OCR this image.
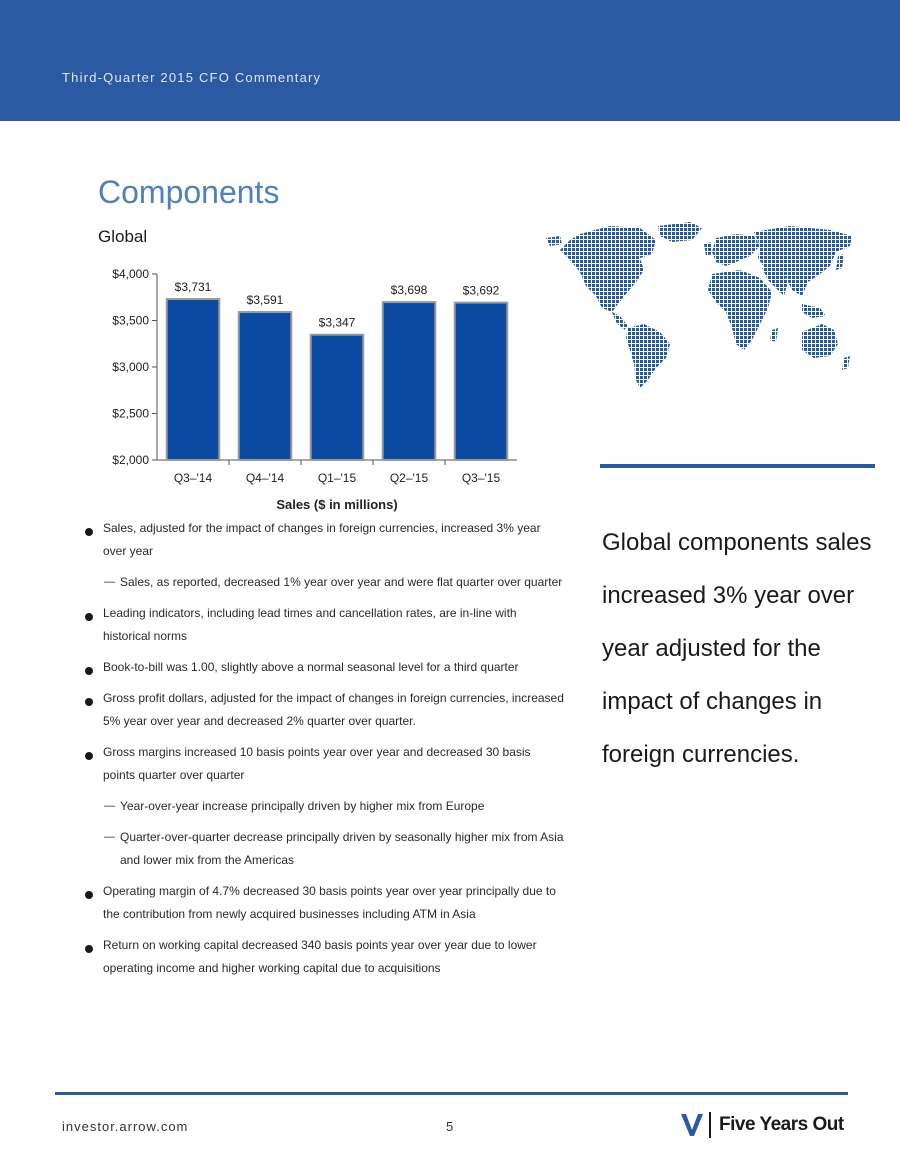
Third-Quarter 2015 CFO Commentary
Components
Global
$2,000
$2,500
$3,000
$3,500
$4,000
$3,731
Q3–'14
$3,591
Q4–'14
$3,347
Q1–'15
$3,698
Q2–'15
$3,692
Q3–'15
Sales ($ in millions)

Global components sales increased 3% year over year adjusted for the impact of changes in foreign currencies.

Sales, adjusted for the impact of changes in foreign currencies, increased 3% year over year
— Sales, as reported, decreased 1% year over year and were flat quarter over quarter
Leading indicators, including lead times and cancellation rates, are in-line with historical norms
Book-to-bill was 1.00, slightly above a normal seasonal level for a third quarter
Gross profit dollars, adjusted for the impact of changes in foreign currencies, increased 5% year over year and decreased 2% quarter over quarter.
Gross margins increased 10 basis points year over year and decreased 30 basis points quarter over quarter
— Year-over-year increase principally driven by higher mix from Europe
— Quarter-over-quarter decrease principally driven by seasonally higher mix from Asia and lower mix from the Americas
Operating margin of 4.7% decreased 30 basis points year over year principally due to the contribution from newly acquired businesses including ATM in Asia
Return on working capital decreased 340 basis points year over year due to lower operating income and higher working capital due to acquisitions
investor.arrow.com	5	Five Years Out
